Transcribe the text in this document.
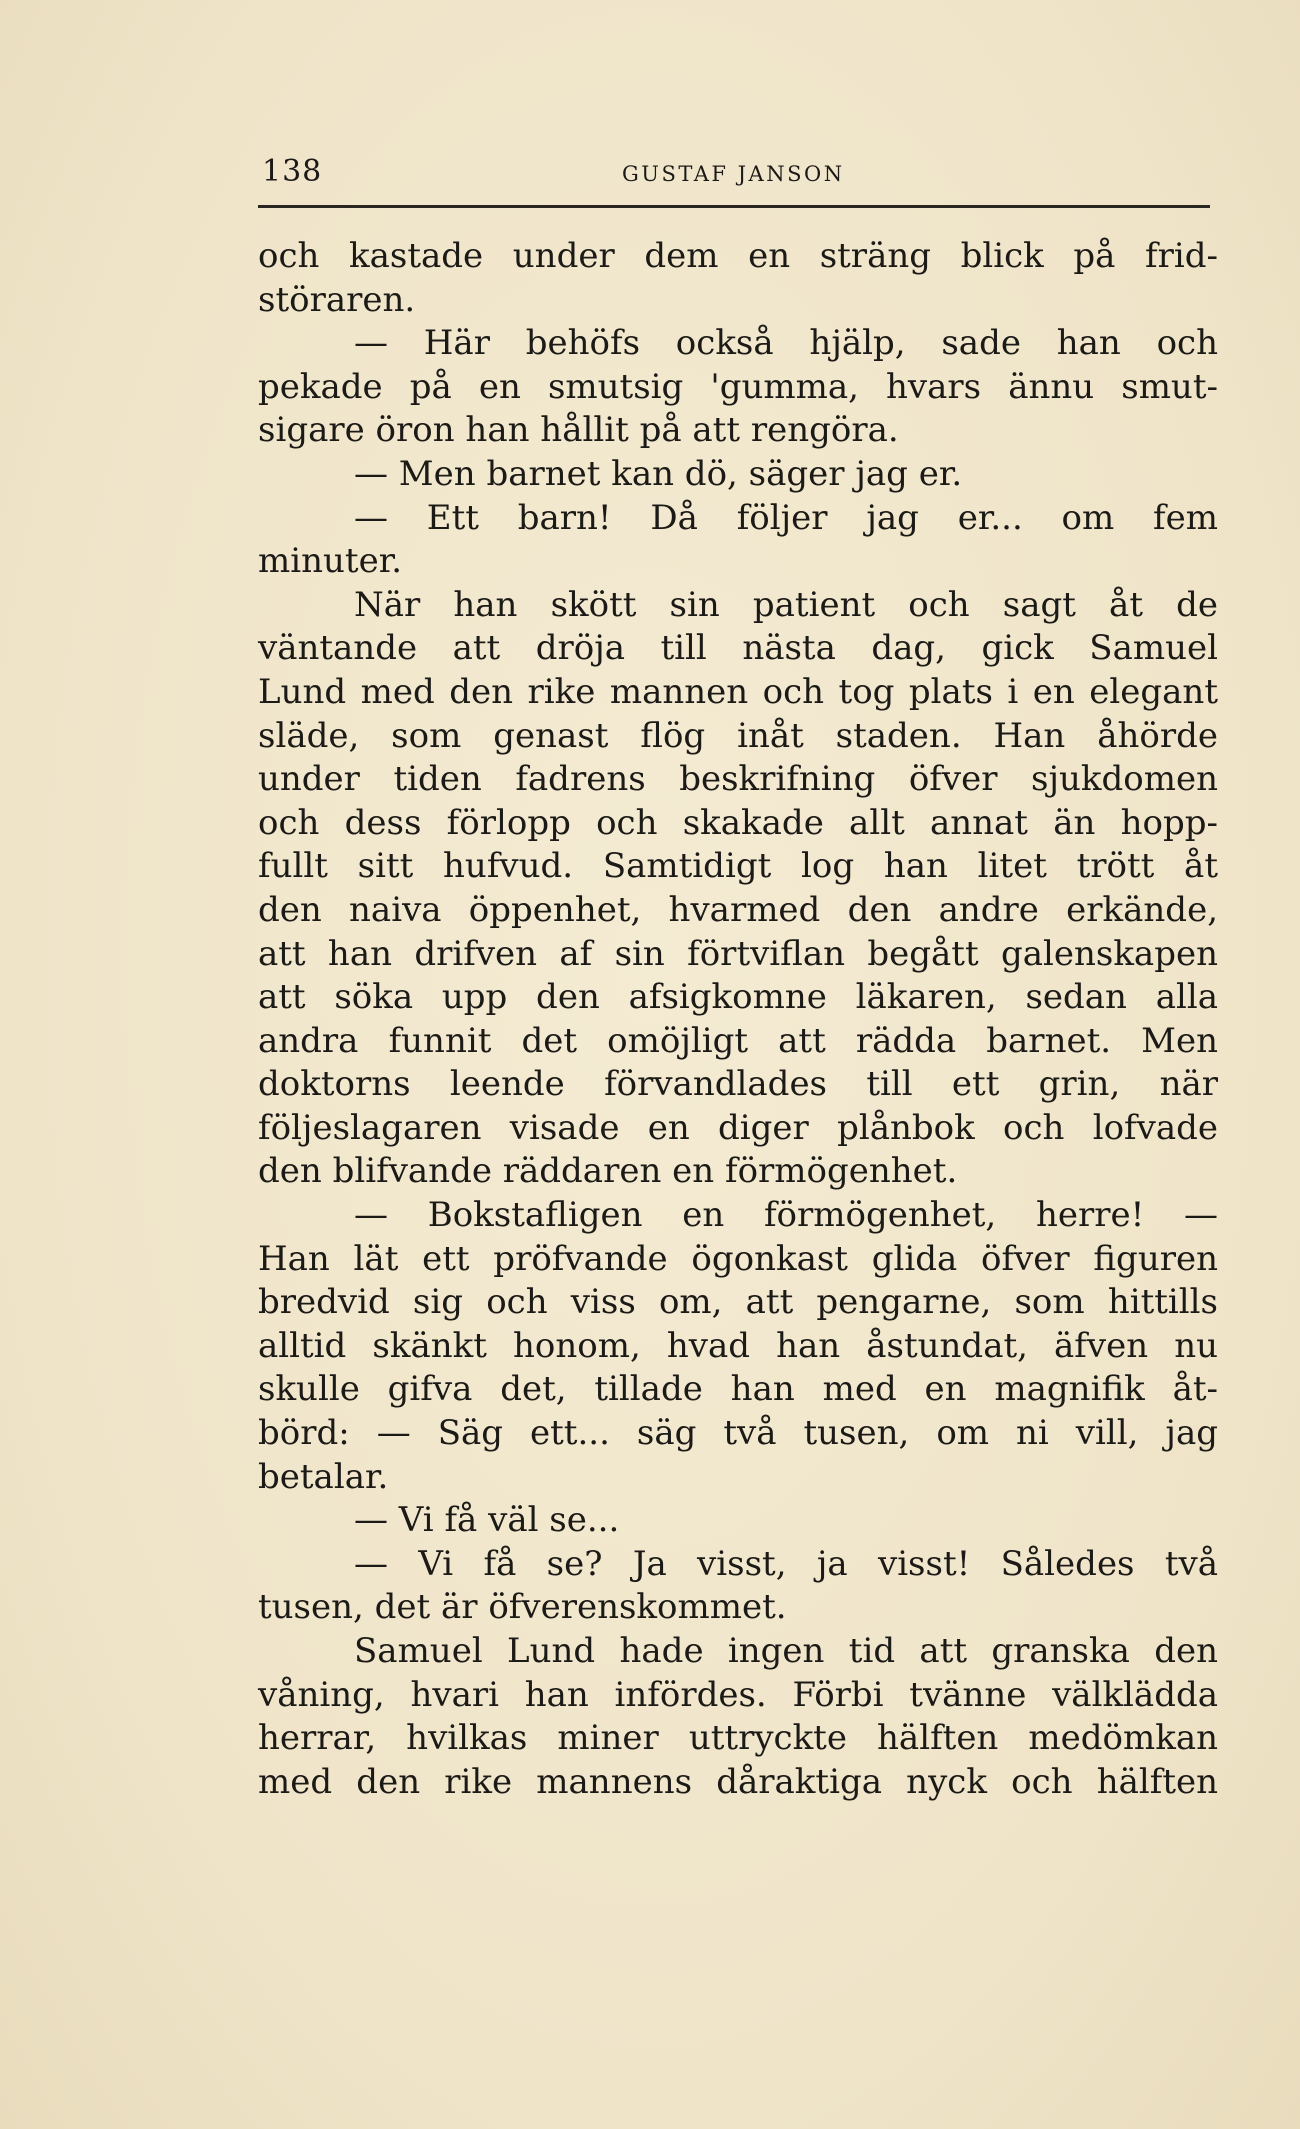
138	GUSTAF JANSON
och kastade under dem en sträng blick på frid-
störaren.
— Här behöfs också hjälp, sade han och
pekade på en smutsig 'gumma, hvars ännu smut-
sigare öron han hållit på att rengöra.
— Men barnet kan dö, säger jag er.
— Ett barn! Då följer jag er... om fem
minuter.
När han skött sin patient och sagt åt de
väntande att dröja till nästa dag, gick Samuel
Lund med den rike mannen och tog plats i en elegant
släde, som genast flög inåt staden. Han åhörde
under tiden fadrens beskrifning öfver sjukdomen
och dess förlopp och skakade allt annat än hopp-
fullt sitt hufvud. Samtidigt log han litet trött åt
den naiva öppenhet, hvarmed den andre erkände,
att han drifven af sin förtviflan begått galenskapen
att söka upp den afsigkomne läkaren, sedan alla
andra funnit det omöjligt att rädda barnet. Men
doktorns leende förvandlades till ett grin, när
följeslagaren visade en diger plånbok och lofvade
den blifvande räddaren en förmögenhet.
— Bokstafligen en förmögenhet, herre! —
Han lät ett pröfvande ögonkast glida öfver figuren
bredvid sig och viss om, att pengarne, som hittills
alltid skänkt honom, hvad han åstundat, äfven nu
skulle gifva det, tillade han med en magnifik åt-
börd: — Säg ett... säg två tusen, om ni vill, jag
betalar.
— Vi få väl se...
— Vi få se? Ja visst, ja visst! Således två
tusen, det är öfverenskommet.
Samuel Lund hade ingen tid att granska den
våning, hvari han infördes. Förbi tvänne välklädda
herrar, hvilkas miner uttryckte hälften medömkan
med den rike mannens dåraktiga nyck och hälften
